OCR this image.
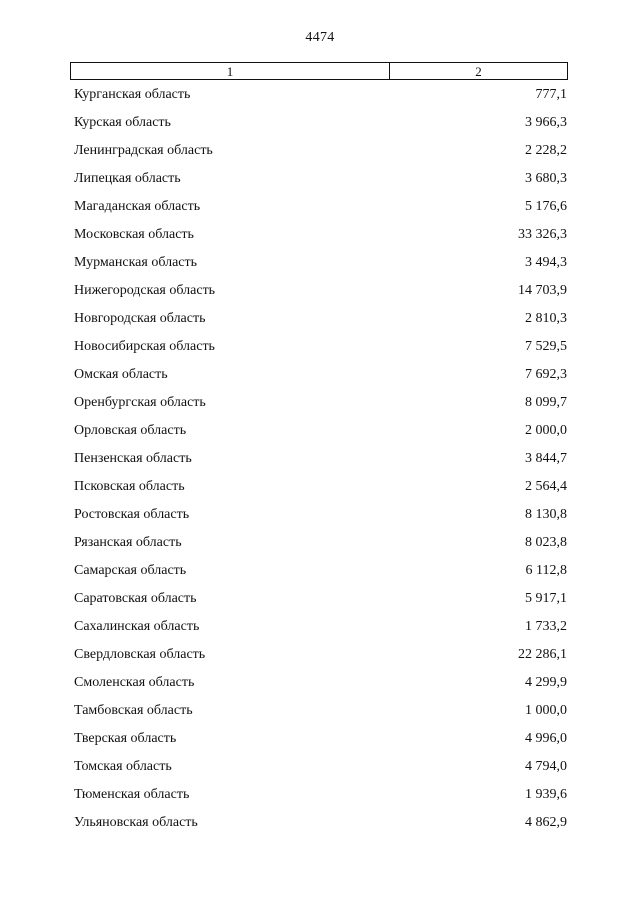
4474
1	2
Курганская область	777,1
Курская область	3 966,3
Ленинградская область	2 228,2
Липецкая область	3 680,3
Магаданская область	5 176,6
Московская область	33 326,3
Мурманская область	3 494,3
Нижегородская область	14 703,9
Новгородская область	2 810,3
Новосибирская область	7 529,5
Омская область	7 692,3
Оренбургская область	8 099,7
Орловская область	2 000,0
Пензенская область	3 844,7
Псковская область	2 564,4
Ростовская область	8 130,8
Рязанская область	8 023,8
Самарская область	6 112,8
Саратовская область	5 917,1
Сахалинская область	1 733,2
Свердловская область	22 286,1
Смоленская область	4 299,9
Тамбовская область	1 000,0
Тверская область	4 996,0
Томская область	4 794,0
Тюменская область	1 939,6
Ульяновская область	4 862,9
